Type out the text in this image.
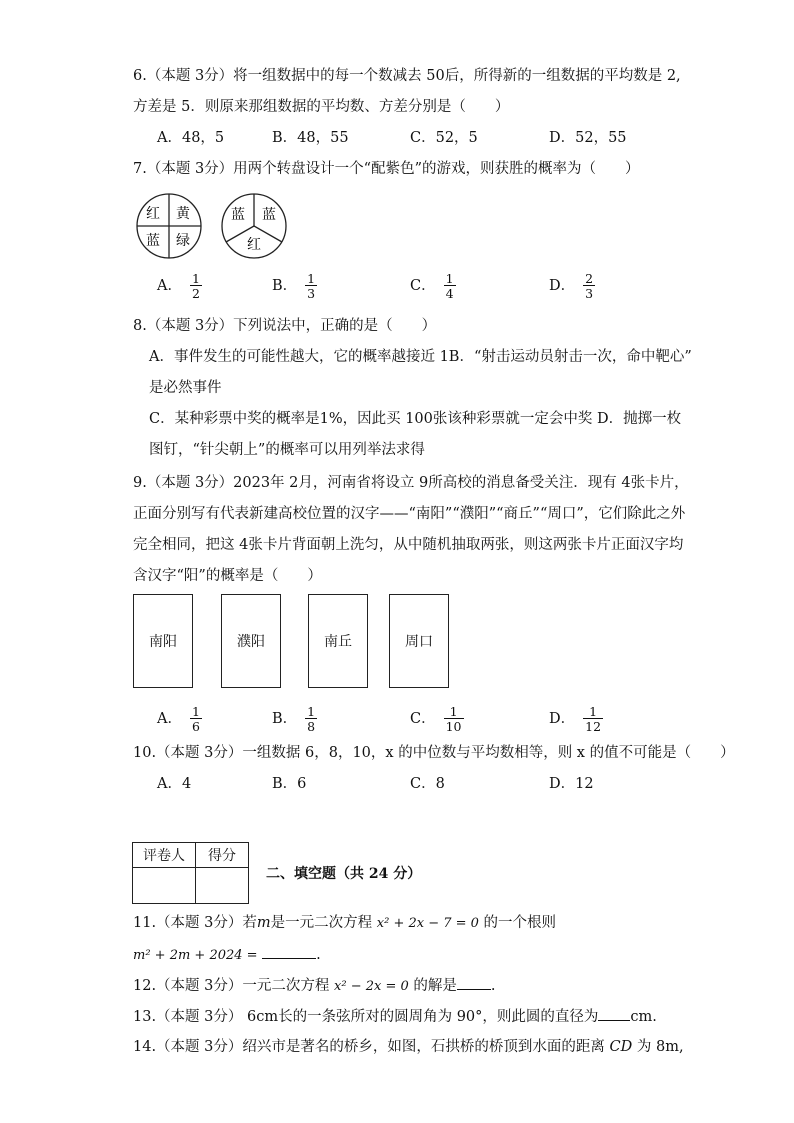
6.（本题 3分）将一组数据中的每一个数减去 50后，所得新的一组数据的平均数是 2,
方差是 5．则原来那组数据的平均数、方差分别是（　　）
A．48，5	B．48，55	C．52，5	D．52，55
7.（本题 3分）用两个转盘设计一个“配紫色”的游戏，则获胜的概率为（　　）
红 黄
蓝 绿
蓝 蓝
红
A． $\frac{1}{2}$	B． $\frac{1}{3}$	C． $\frac{1}{4}$	D． $\frac{2}{3}$
8.（本题 3分）下列说法中，正确的是（　　）
A．事件发生的可能性越大，它的概率越接近 1B．“射击运动员射击一次，命中靶心”
是必然事件
C．某种彩票中奖的概率是1%，因此买 100张该种彩票就一定会中奖 D．抛掷一枚
图钉，“针尖朝上”的概率可以用列举法求得
9.（本题 3分）2023年 2月，河南省将设立 9所高校的消息备受关注．现有 4张卡片，
正面分别写有代表新建高校位置的汉字——“南阳”“濮阳”“商丘”“周口”，它们除此之外
完全相同，把这 4张卡片背面朝上洗匀，从中随机抽取两张，则这两张卡片正面汉字均
含汉字“阳”的概率是（　　）
南阳	濮阳	南丘	周口
A． $\frac{1}{6}$	B． $\frac{1}{8}$	C． $\frac{1}{10}$	D． $\frac{1}{12}$
10.（本题 3分）一组数据 6，8，10，x 的中位数与平均数相等，则 x 的值不可能是（　　）
A．4	B．6	C．8	D．12
评卷人	得分

二、填空题（共 24 分）
11.（本题 3分）若m是一元二次方程 x² + 2x − 7 = 0 的一个根则
m² + 2m + 2024 =	.
12.（本题 3分）一元二次方程 x² − 2x = 0 的解是 .
13.（本题 3分） 6cm长的一条弦所对的圆周角为 90°，则此圆的直径为 cm.
14.（本题 3分）绍兴市是著名的桥乡，如图，石拱桥的桥顶到水面的距离 CD 为 8m,
